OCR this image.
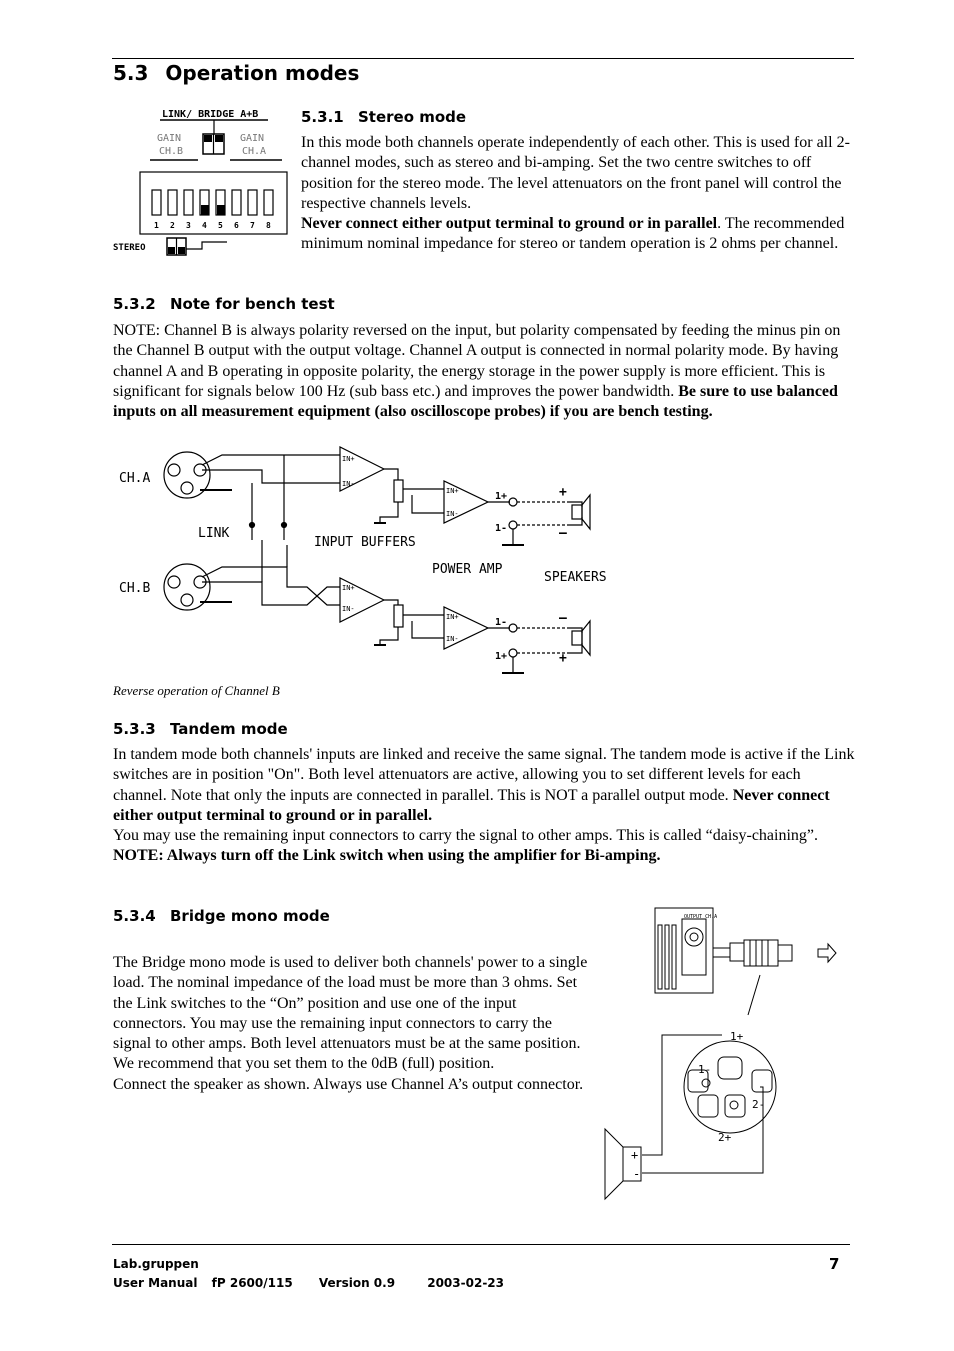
5.3 Operation modes
LINK/ BRIDGE A+B
GAIN
CH.B
GAIN
CH.A
1 2 3 4 5 6 7 8
STEREO
5.3.1 Stereo mode
In this mode both channels operate independently of each other. This is used for all 2-channel modes, such as stereo and bi-amping. Set the two centre switches to off position for the stereo mode. The level attenuators on the front panel will control the respective channels levels.
Never connect either output terminal to ground or in parallel. The recommended minimum nominal impedance for stereo or tandem operation is 2 ohms per channel.
5.3.2 Note for bench test
NOTE: Channel B is always polarity reversed on the input, but polarity compensated by feeding the minus pin on the Channel B output with the output voltage. Channel A output is connected in normal polarity mode. By having channel A and B operating in opposite polarity, the energy storage in the power supply is more efficient. This is significant for signals below 100 Hz (sub bass etc.) and improves the power bandwidth. Be sure to use balanced inputs on all measurement equipment (also oscilloscope probes) if you are bench testing.
CH.A
CH.B
LINK
INPUT BUFFERS
POWER AMP
SPEAKERS
IN+
IN-
IN+
IN-
IN+
IN-
IN+
IN-
1+
1-
1-
1+
+
–
–
+
Reverse operation of Channel B
5.3.3 Tandem mode
In tandem mode both channels' inputs are linked and receive the same signal. The tandem mode is active if the Link switches are in position "On". Both level attenuators are active, allowing you to set different levels for each channel. Note that only the inputs are connected in parallel. This is NOT a parallel output mode. Never connect either output terminal to ground or in parallel.
You may use the remaining input connectors to carry the signal to other amps. This is called “daisy-chaining”.
NOTE: Always turn off the Link switch when using the amplifier for Bi-amping.
5.3.4 Bridge mono mode
The Bridge mono mode is used to deliver both channels' power to a single load. The nominal impedance of the load must be more than 3 ohms. Set the Link switches to the “On” position and use one of the input connectors. You may use the remaining input connectors to carry the signal to other amps. Both level attenuators must be at the same position. We recommend that you set them to the 0dB (full) position.
Connect the speaker as shown. Always use Channel A’s output connector.
OUTPUT CH.A
1+
1-
2-
2+
+
-
Lab.gruppen	7
User Manual fP 2600/115 Version 0.9	2003-02-23
